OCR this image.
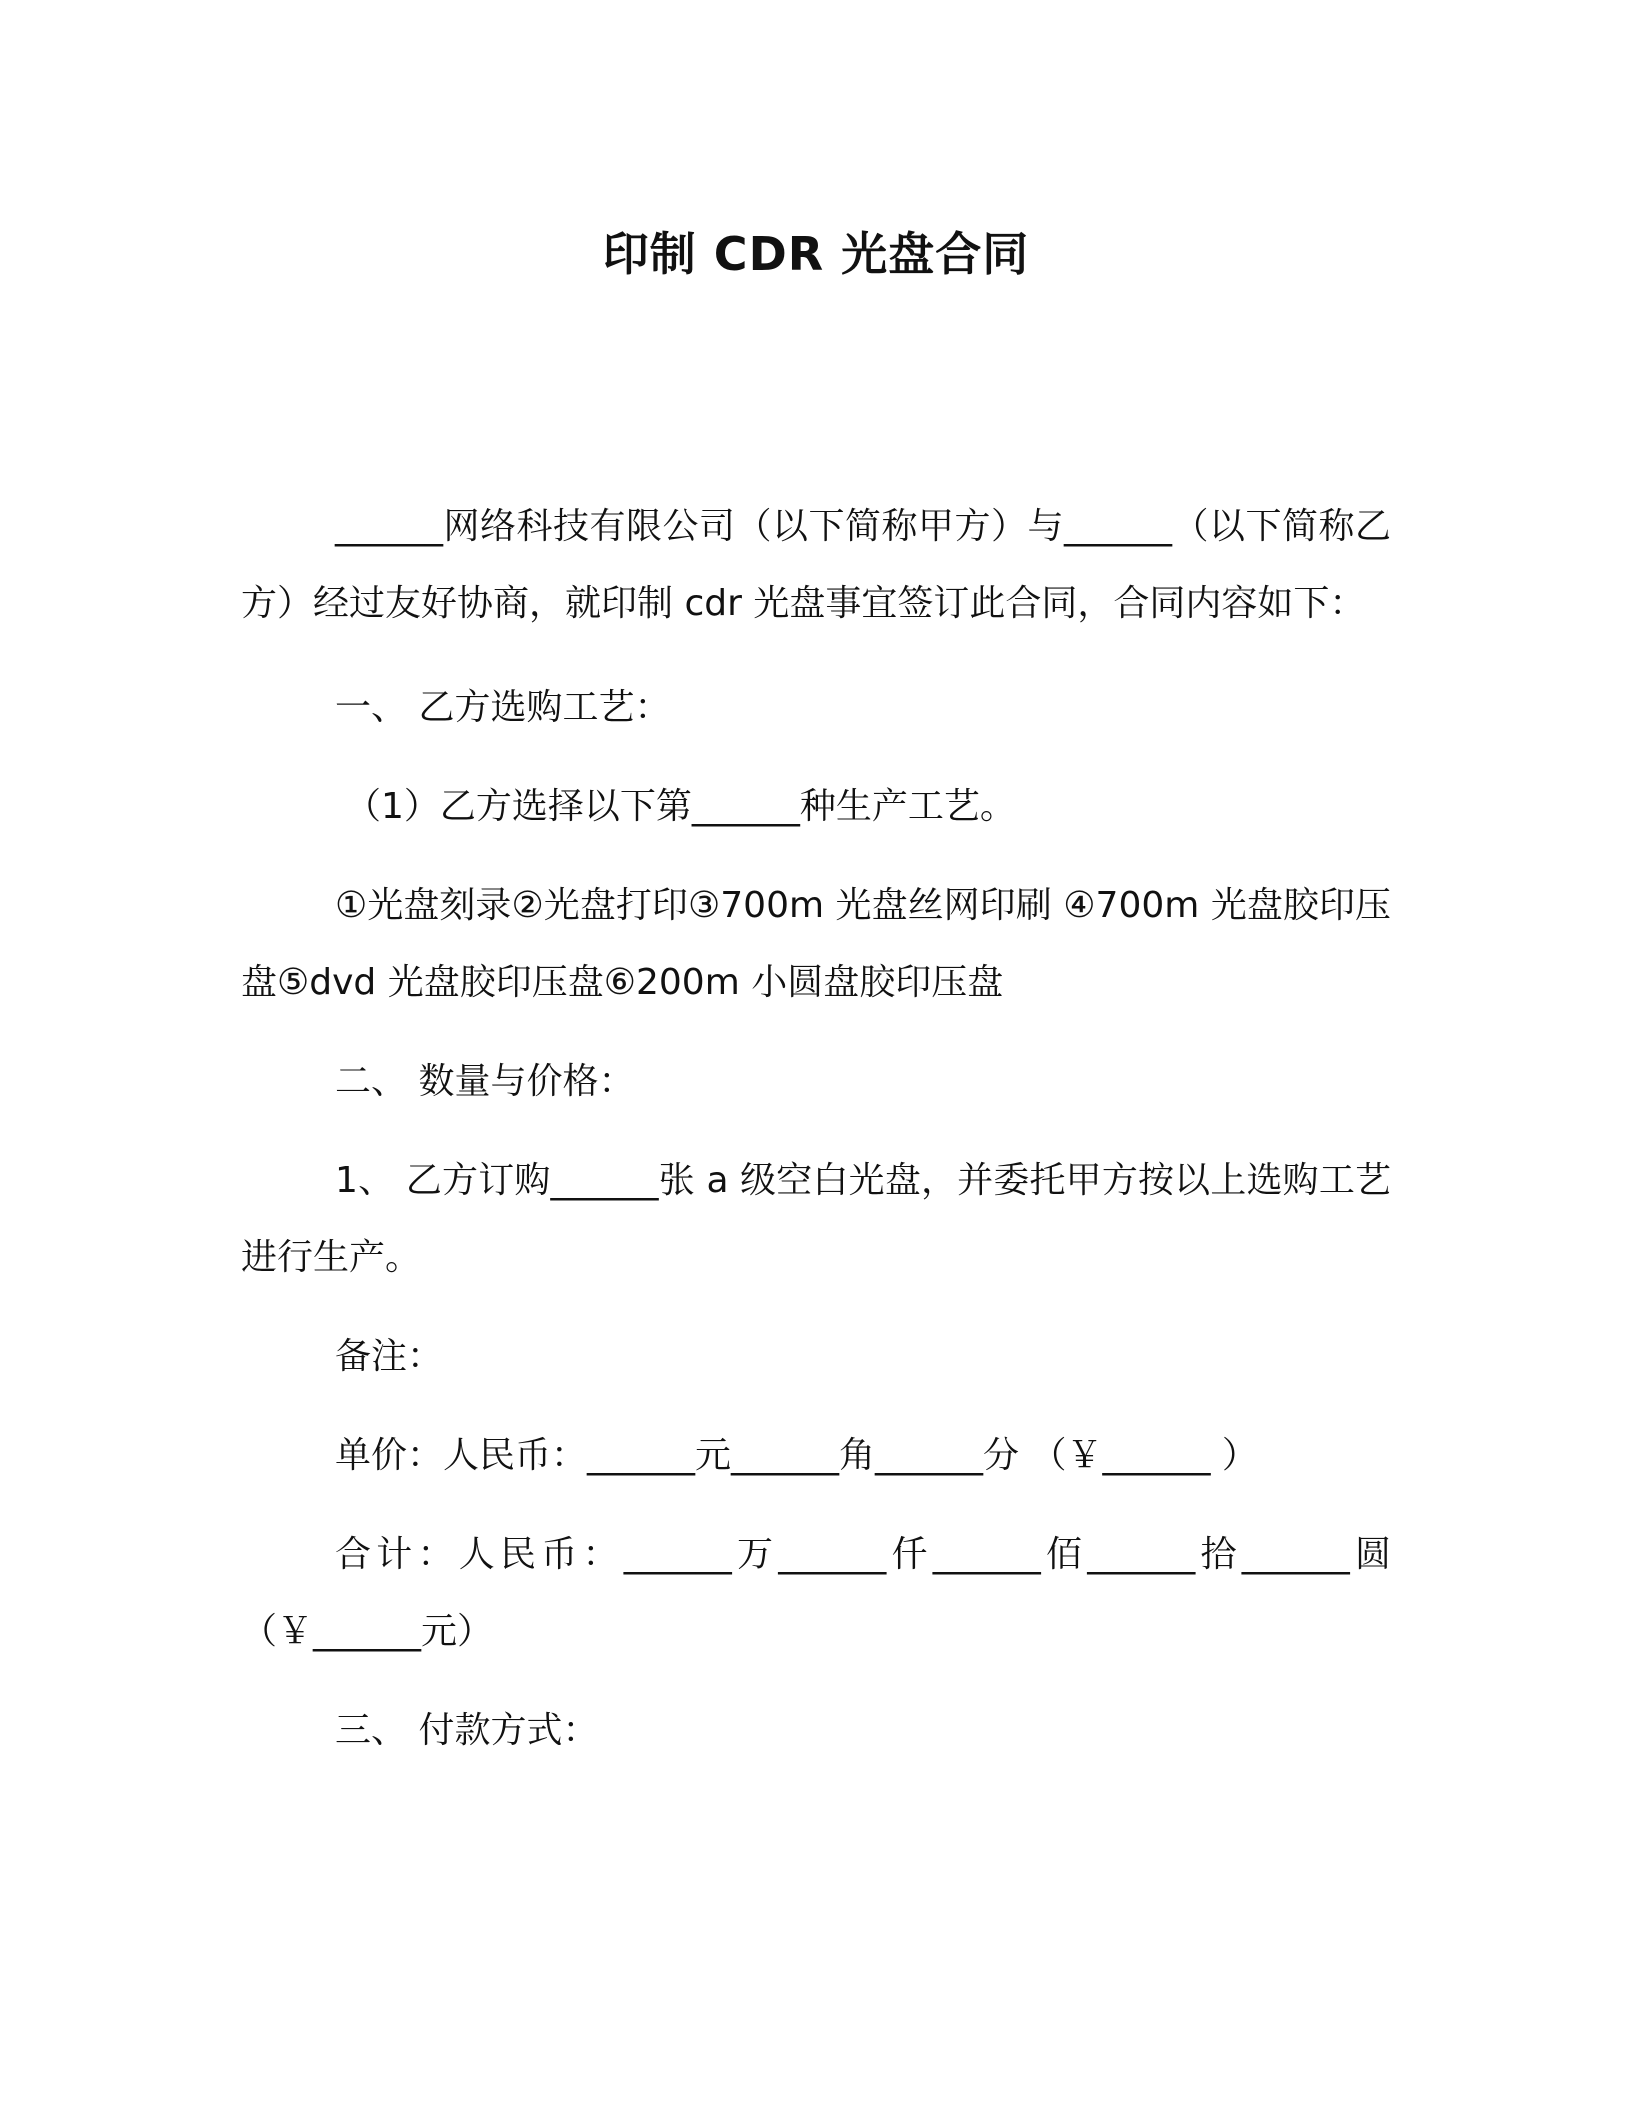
印制 CDR 光盘合同

______网络科技有限公司（以下简称甲方）与______（以下简称乙方）经过友好协商，就印制 cdr 光盘事宜签订此合同，合同内容如下：

一、 乙方选购工艺：

（1）乙方选择以下第______种生产工艺。

①光盘刻录②光盘打印③700m 光盘丝网印刷 ④700m 光盘胶印压盘⑤dvd 光盘胶印压盘⑥200m 小圆盘胶印压盘

二、 数量与价格：

1、 乙方订购______张 a 级空白光盘，并委托甲方按以上选购工艺进行生产。

备注：

单价：人民币：______元______角______分 （￥______ ）

合计：人民币：______万______仟______佰______拾______圆 （￥______元）

三、 付款方式：
